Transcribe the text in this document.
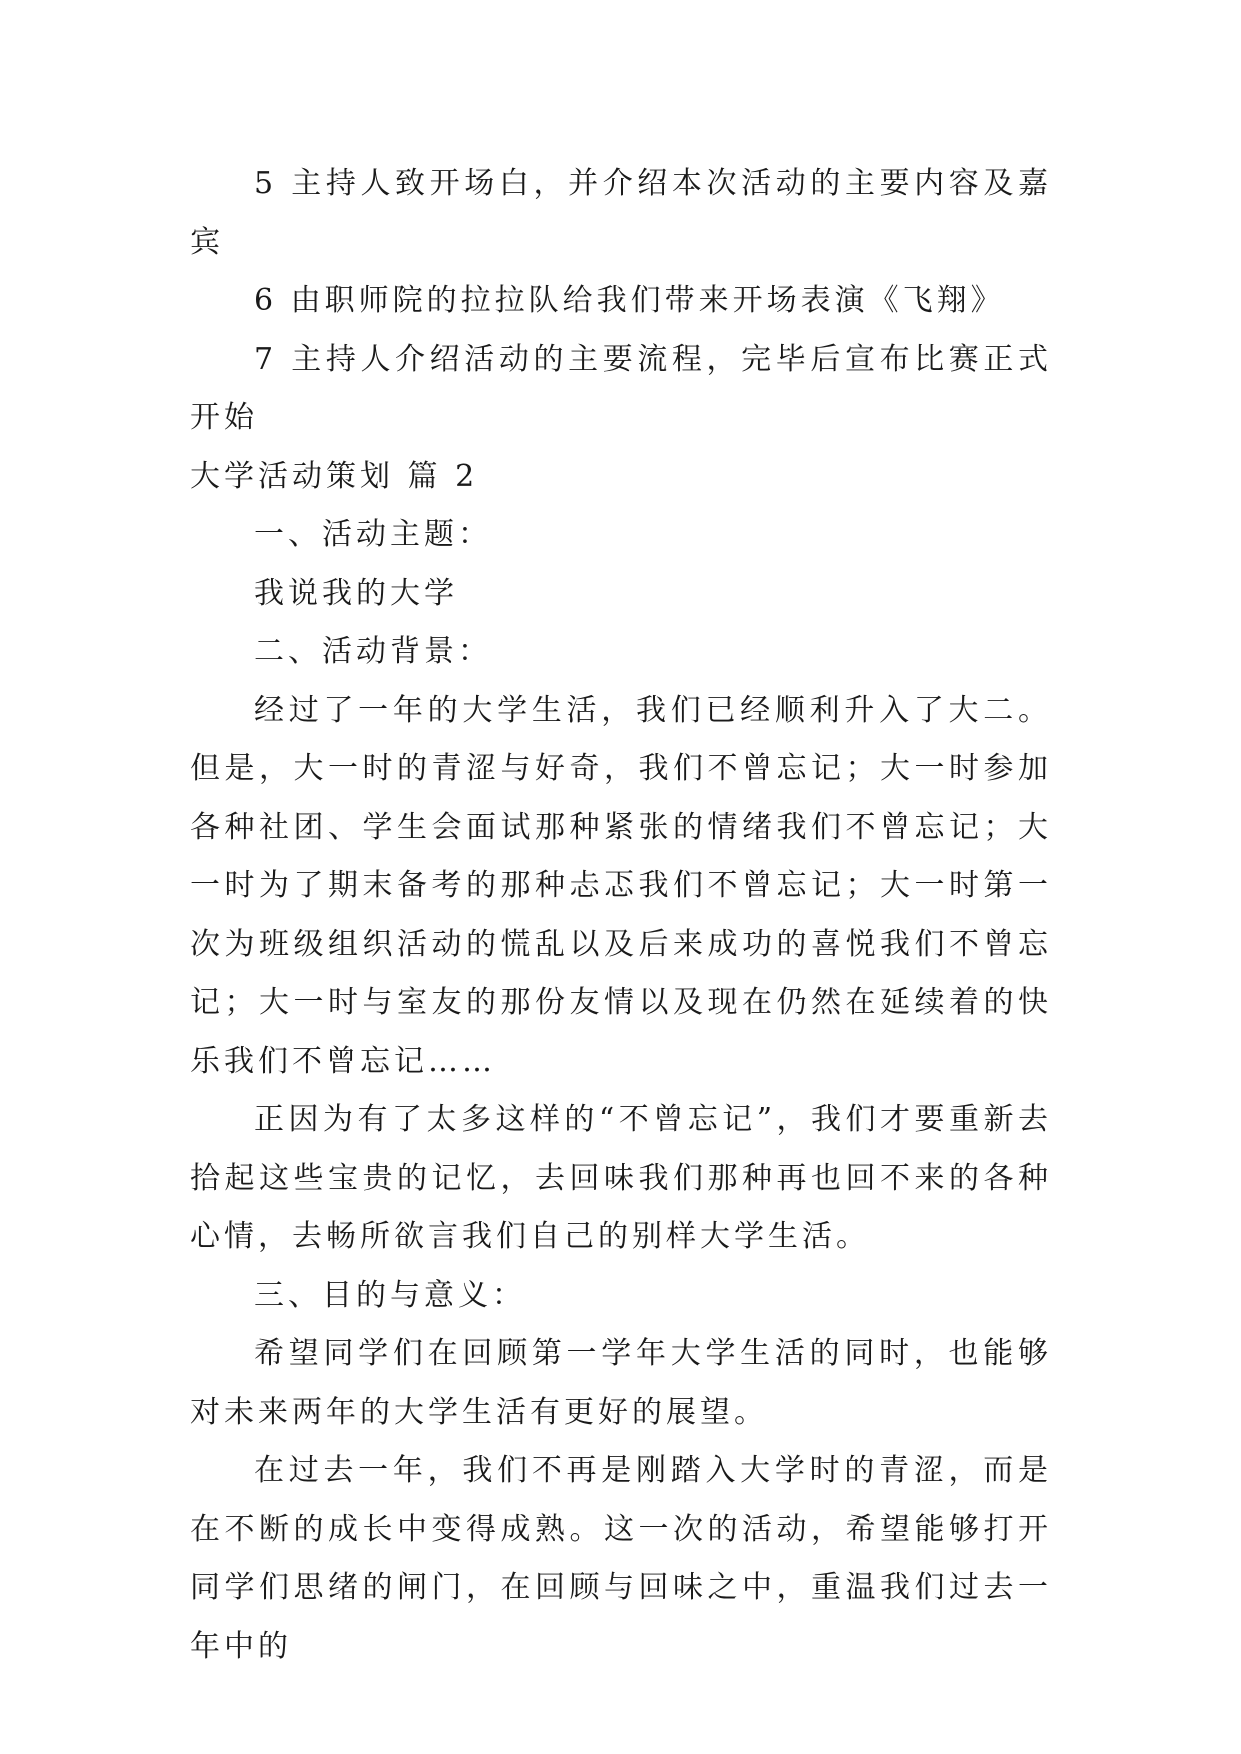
5 主持人致开场白，并介绍本次活动的主要内容及嘉宾

6 由职师院的拉拉队给我们带来开场表演《飞翔》

7 主持人介绍活动的主要流程，完毕后宣布比赛正式开始

大学活动策划 篇 2

一、活动主题：

我说我的大学

二、活动背景：

经过了一年的大学生活，我们已经顺利升入了大二。但是，大一时的青涩与好奇，我们不曾忘记；大一时参加各种社团、学生会面试那种紧张的情绪我们不曾忘记；大一时为了期末备考的那种忐忑我们不曾忘记；大一时第一次为班级组织活动的慌乱以及后来成功的喜悦我们不曾忘记；大一时与室友的那份友情以及现在仍然在延续着的快乐我们不曾忘记……

正因为有了太多这样的“不曾忘记”，我们才要重新去拾起这些宝贵的记忆，去回味我们那种再也回不来的各种心情，去畅所欲言我们自己的别样大学生活。

三、目的与意义：

希望同学们在回顾第一学年大学生活的同时，也能够对未来两年的大学生活有更好的展望。

在过去一年，我们不再是刚踏入大学时的青涩，而是在不断的成长中变得成熟。这一次的活动，希望能够打开同学们思绪的闸门，在回顾与回味之中，重温我们过去一年中的
